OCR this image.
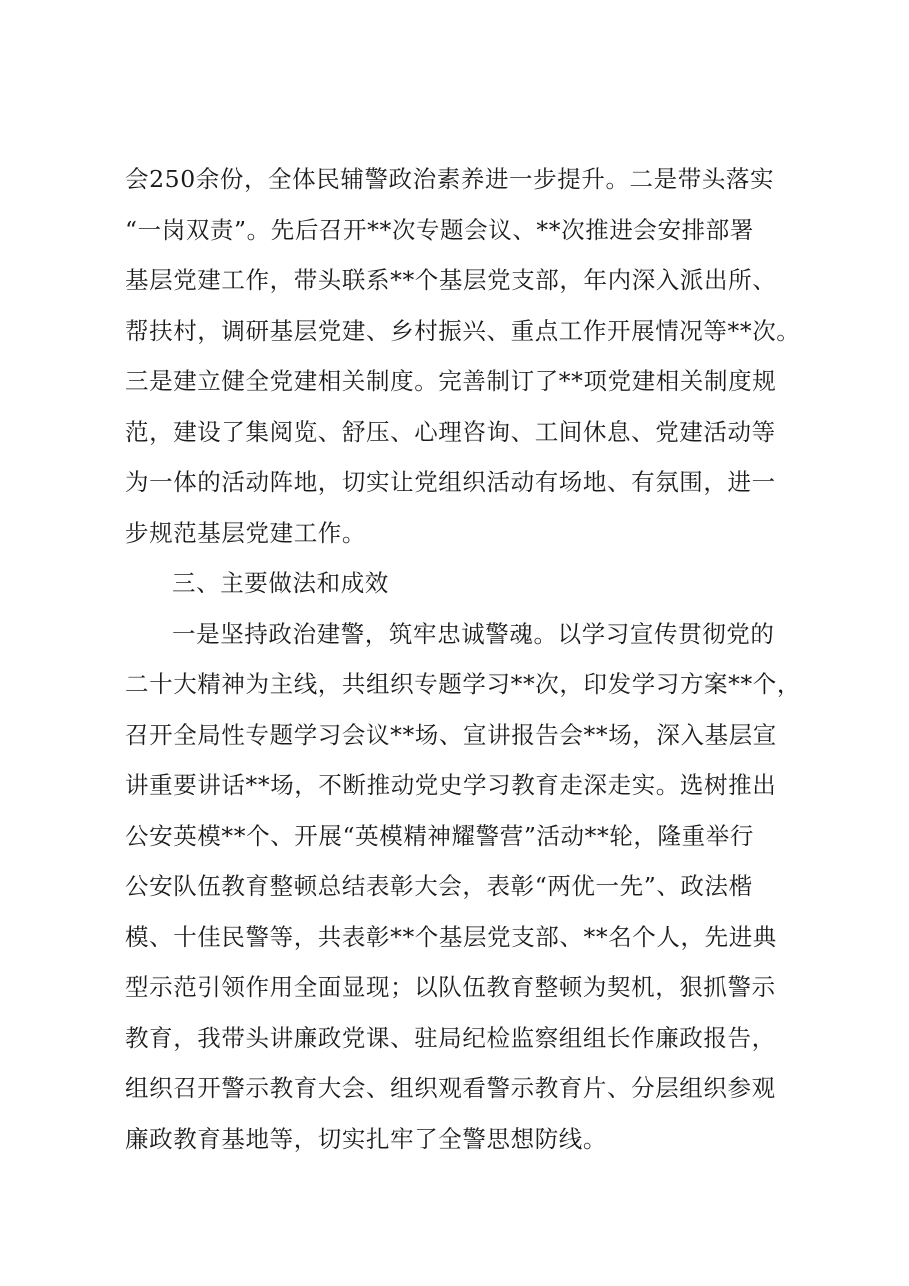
会250余份，全体民辅警政治素养进一步提升。二是带头落实
“一岗双责”。先后召开**次专题会议、**次推进会安排部署
基层党建工作，带头联系**个基层党支部，年内深入派出所、
帮扶村，调研基层党建、乡村振兴、重点工作开展情况等**次。
三是建立健全党建相关制度。完善制订了**项党建相关制度规
范，建设了集阅览、舒压、心理咨询、工间休息、党建活动等
为一体的活动阵地，切实让党组织活动有场地、有氛围，进一
步规范基层党建工作。
三、主要做法和成效
一是坚持政治建警，筑牢忠诚警魂。以学习宣传贯彻党的
二十大精神为主线，共组织专题学习**次，印发学习方案**个，
召开全局性专题学习会议**场、宣讲报告会**场，深入基层宣
讲重要讲话**场，不断推动党史学习教育走深走实。选树推出
公安英模**个、开展“英模精神耀警营”活动**轮，隆重举行
公安队伍教育整顿总结表彰大会，表彰“两优一先”、政法楷
模、十佳民警等，共表彰**个基层党支部、**名个人，先进典
型示范引领作用全面显现；以队伍教育整顿为契机，狠抓警示
教育，我带头讲廉政党课、驻局纪检监察组组长作廉政报告，
组织召开警示教育大会、组织观看警示教育片、分层组织参观
廉政教育基地等，切实扎牢了全警思想防线。
